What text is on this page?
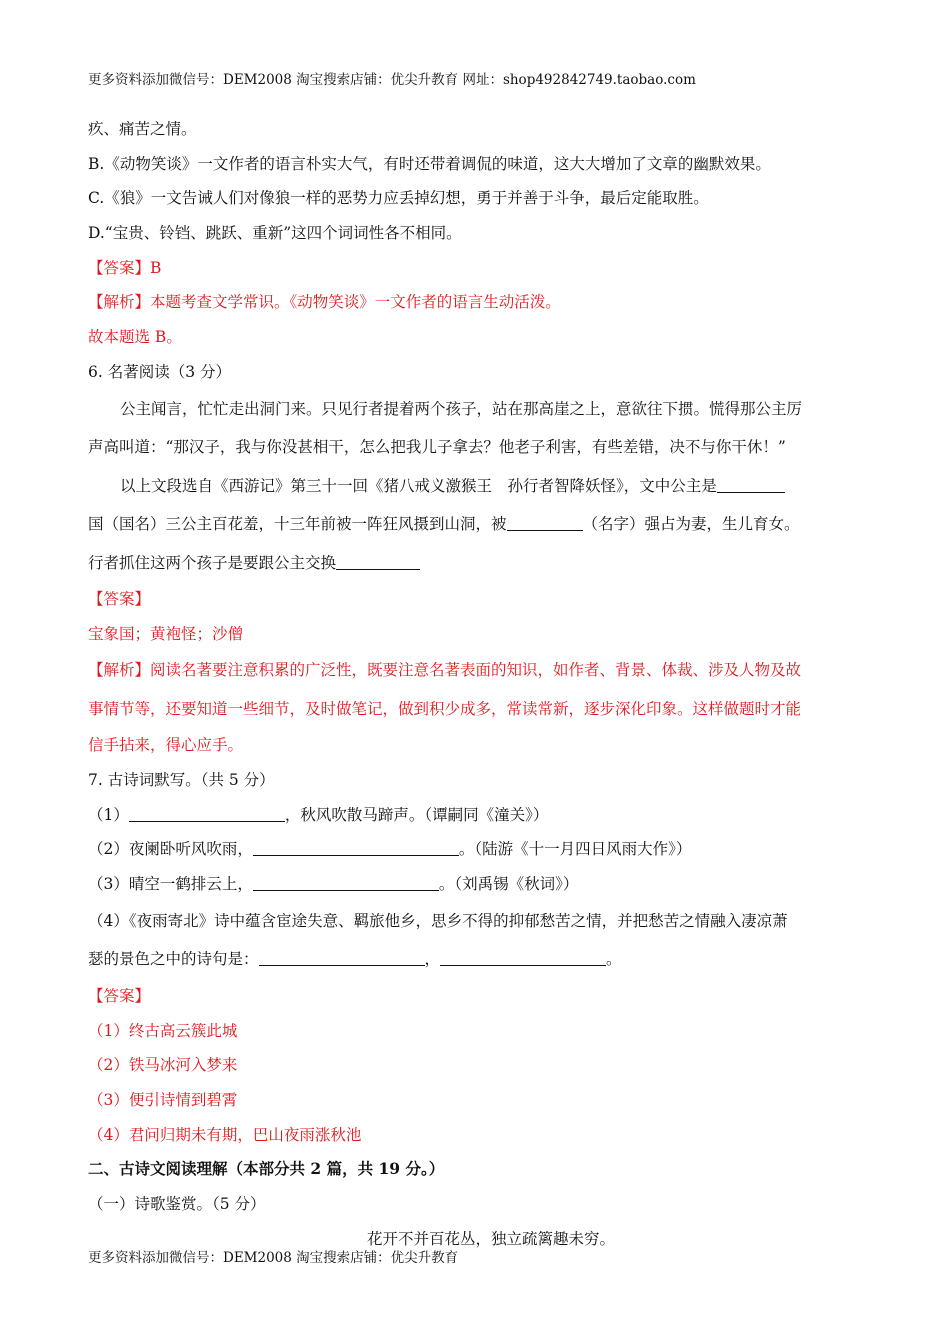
更多资料添加微信号：DEM2008 淘宝搜索店铺：优尖升教育 网址：shop492842749.taobao.com
疚、痛苦之情。
B.《动物笑谈》一文作者的语言朴实大气，有时还带着调侃的味道，这大大增加了文章的幽默效果。
C.《狼》一文告诫人们对像狼一样的恶势力应丢掉幻想，勇于并善于斗争，最后定能取胜。
D.“宝贵、铃铛、跳跃、重新”这四个词词性各不相同。
【答案】B
【解析】本题考查文学常识。《动物笑谈》一文作者的语言生动活泼。
故本题选 B。
6. 名著阅读（3 分）
公主闻言，忙忙走出洞门来。只见行者提着两个孩子，站在那高崖之上，意欲往下掼。慌得那公主厉
声高叫道：“那汉子，我与你没甚相干，怎么把我儿子拿去？他老子利害，有些差错，决不与你干休！”
以上文段选自《西游记》第三十一回《猪八戒义激猴王　孙行者智降妖怪》，文中公主是
国（国名）三公主百花羞，十三年前被一阵狂风摄到山洞，被	（名字）强占为妻，生儿育女。
行者抓住这两个孩子是要跟公主交换
【答案】
宝象国；黄袍怪；沙僧
【解析】阅读名著要注意积累的广泛性，既要注意名著表面的知识，如作者、背景、体裁、涉及人物及故
事情节等，还要知道一些细节，及时做笔记，做到积少成多，常读常新，逐步深化印象。这样做题时才能
信手拈来，得心应手。
7. 古诗词默写。（共 5 分）
（1）	，秋风吹散马蹄声。（谭嗣同《潼关》）
（2）夜阑卧听风吹雨，	。（陆游《十一月四日风雨大作》）
（3）晴空一鹤排云上，	。（刘禹锡《秋词》）
（4）《夜雨寄北》诗中蕴含宦途失意、羁旅他乡，思乡不得的抑郁愁苦之情，并把愁苦之情融入凄凉萧
瑟的景色之中的诗句是：	，	。
【答案】
（1）终古高云簇此城
（2）铁马冰河入梦来
（3）便引诗情到碧霄
（4）君问归期未有期，巴山夜雨涨秋池
二、古诗文阅读理解（本部分共 2 篇，共 19 分。）
（一）诗歌鉴赏。（5 分）
花开不并百花丛，独立疏篱趣未穷。
更多资料添加微信号：DEM2008 淘宝搜索店铺：优尖升教育
